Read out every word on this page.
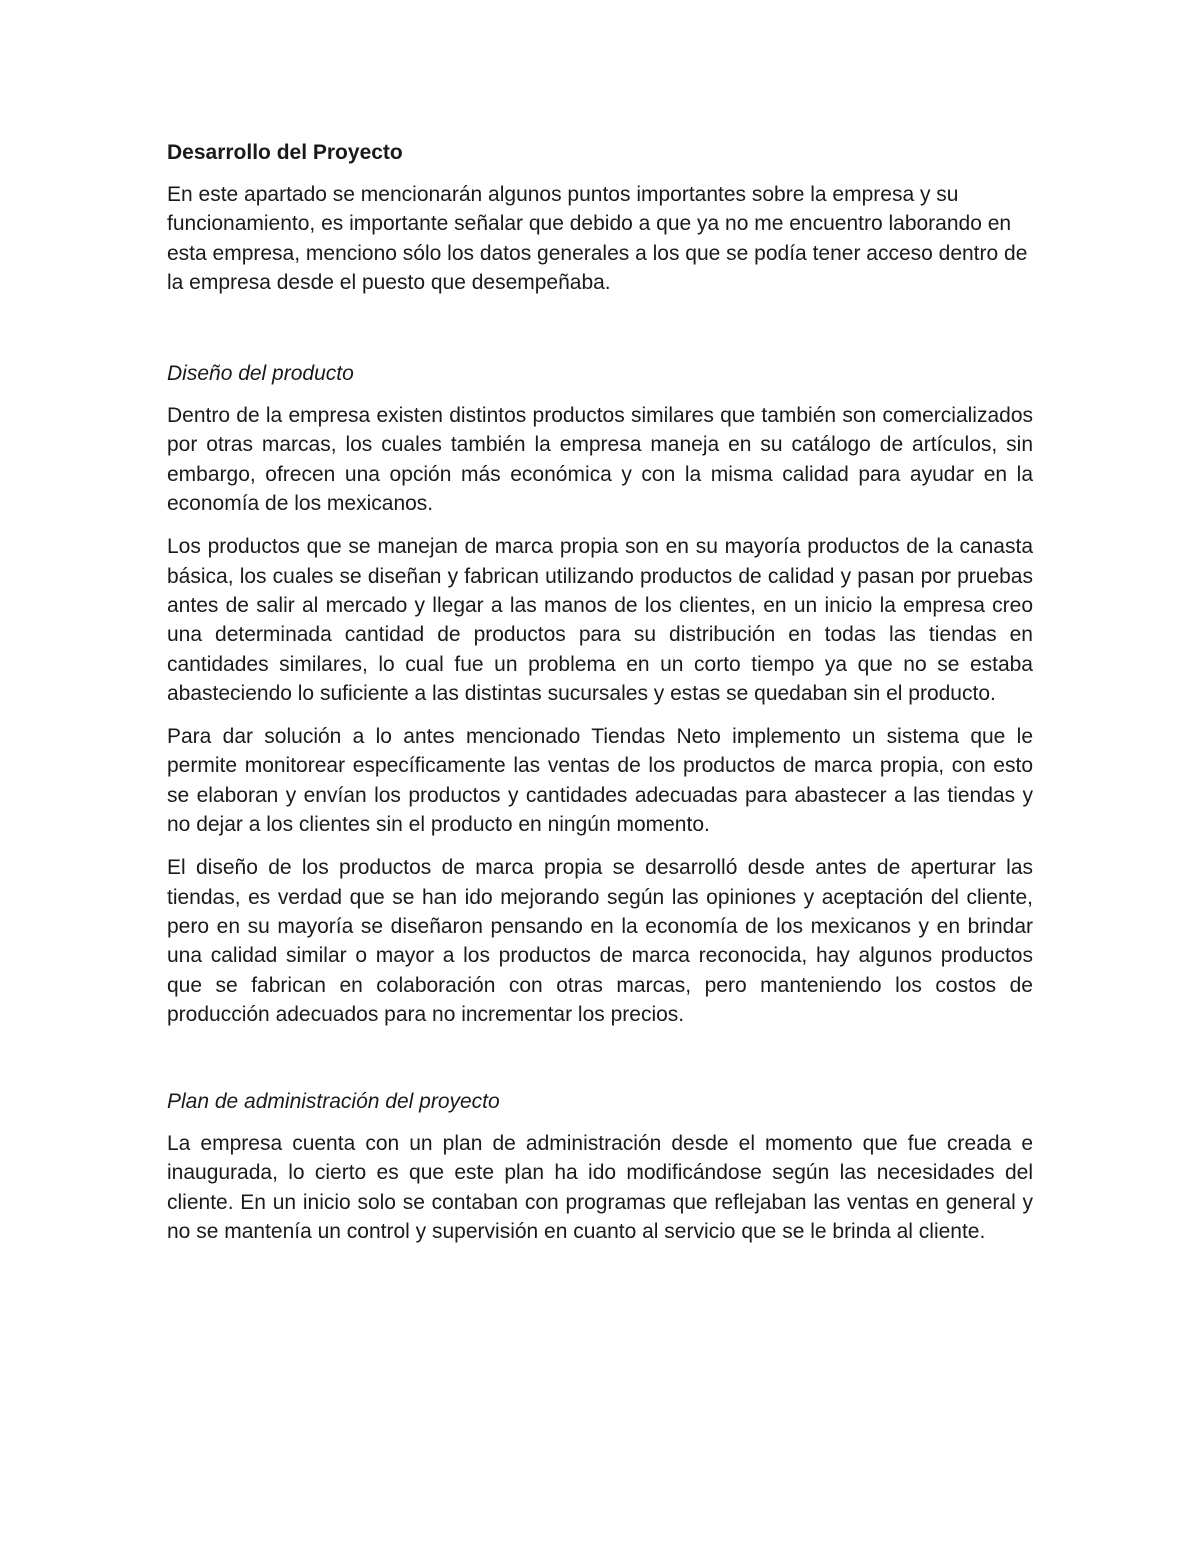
Desarrollo del Proyecto

En este apartado se mencionarán algunos puntos importantes sobre la empresa y su funcionamiento, es importante señalar que debido a que ya no me encuentro laborando en esta empresa, menciono sólo los datos generales a los que se podía tener acceso dentro de la empresa desde el puesto que desempeñaba.

Diseño del producto

Dentro de la empresa existen distintos productos similares que también son comercializados por otras marcas, los cuales también la empresa maneja en su catálogo de artículos, sin embargo, ofrecen una opción más económica y con la misma calidad para ayudar en la economía de los mexicanos.

Los productos que se manejan de marca propia son en su mayoría productos de la canasta básica, los cuales se diseñan y fabrican utilizando productos de calidad y pasan por pruebas antes de salir al mercado y llegar a las manos de los clientes, en un inicio la empresa creo una determinada cantidad de productos para su distribución en todas las tiendas en cantidades similares, lo cual fue un problema en un corto tiempo ya que no se estaba abasteciendo lo suficiente a las distintas sucursales y estas se quedaban sin el producto.

Para dar solución a lo antes mencionado Tiendas Neto implemento un sistema que le permite monitorear específicamente las ventas de los productos de marca propia, con esto se elaboran y envían los productos y cantidades adecuadas para abastecer a las tiendas y no dejar a los clientes sin el producto en ningún momento.

El diseño de los productos de marca propia se desarrolló desde antes de aperturar las tiendas, es verdad que se han ido mejorando según las opiniones y aceptación del cliente, pero en su mayoría se diseñaron pensando en la economía de los mexicanos y en brindar una calidad similar o mayor a los productos de marca reconocida, hay algunos productos que se fabrican en colaboración con otras marcas, pero manteniendo los costos de producción adecuados para no incrementar los precios.

Plan de administración del proyecto

La empresa cuenta con un plan de administración desde el momento que fue creada e inaugurada, lo cierto es que este plan ha ido modificándose según las necesidades del cliente. En un inicio solo se contaban con programas que reflejaban las ventas en general y no se mantenía un control y supervisión en cuanto al servicio que se le brinda al cliente.
